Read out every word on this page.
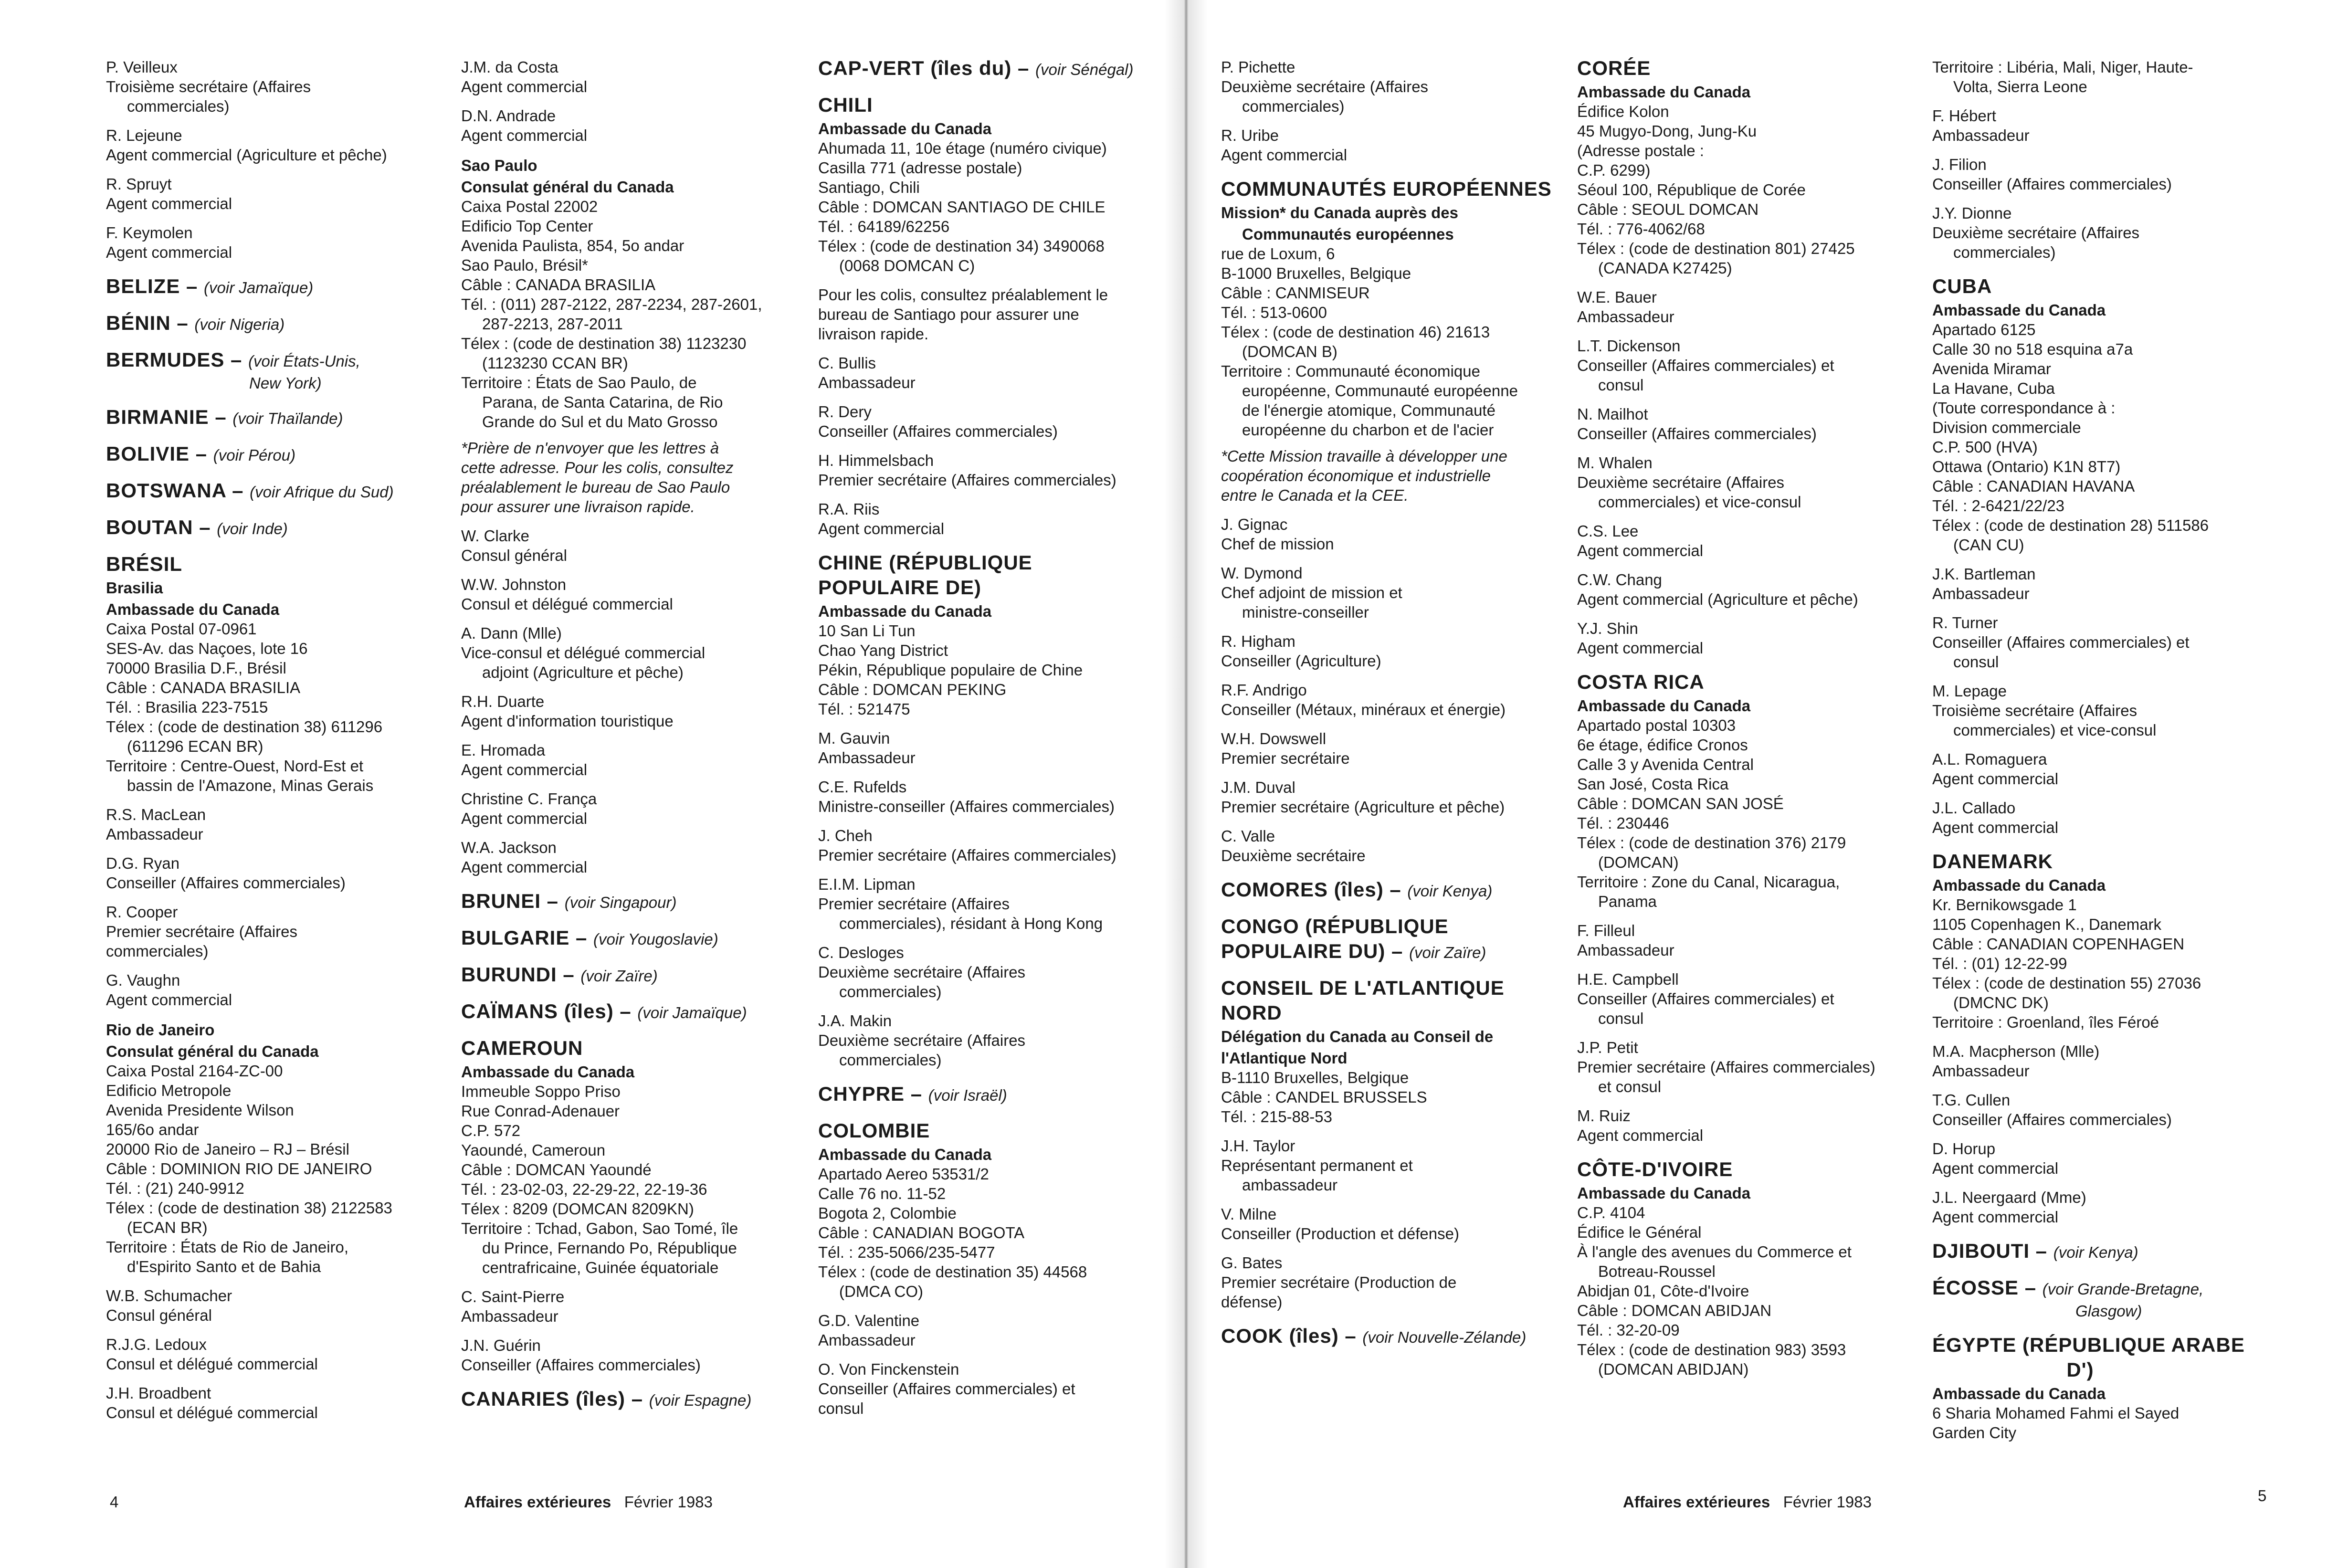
P. Veilleux
Troisième secrétaire (Affaires
commerciales)
R. Lejeune
Agent commercial (Agriculture et pêche)
R. Spruyt
Agent commercial
F. Keymolen
Agent commercial
BELIZE – (voir Jamaïque)
BÉNIN – (voir Nigeria)
BERMUDES – (voir États-Unis,
New York)
BIRMANIE – (voir Thaïlande)
BOLIVIE – (voir Pérou)
BOTSWANA – (voir Afrique du Sud)
BOUTAN – (voir Inde)
BRÉSIL
Brasilia
Ambassade du Canada
Caixa Postal 07-0961
SES-Av. das Naçoes, lote 16
70000 Brasilia D.F., Brésil
Câble : CANADA BRASILIA
Tél. : Brasilia 223-7515
Télex : (code de destination 38) 611296
(611296 ECAN BR)
Territoire : Centre-Ouest, Nord-Est et
bassin de l'Amazone, Minas Gerais
R.S. MacLean
Ambassadeur
D.G. Ryan
Conseiller (Affaires commerciales)
R. Cooper
Premier secrétaire (Affaires commerciales)
G. Vaughn
Agent commercial
Rio de Janeiro
Consulat général du Canada
Caixa Postal 2164-ZC-00
Edificio Metropole
Avenida Presidente Wilson
165/6o andar
20000 Rio de Janeiro – RJ – Brésil
Câble : DOMINION RIO DE JANEIRO
Tél. : (21) 240-9912
Télex : (code de destination 38) 2122583
(ECAN BR)
Territoire : États de Rio de Janeiro,
d'Espirito Santo et de Bahia
W.B. Schumacher
Consul général
R.J.G. Ledoux
Consul et délégué commercial
J.H. Broadbent
Consul et délégué commercial
J.M. da Costa
Agent commercial
D.N. Andrade
Agent commercial
Sao Paulo
Consulat général du Canada
Caixa Postal 22002
Edificio Top Center
Avenida Paulista, 854, 5o andar
Sao Paulo, Brésil*
Câble : CANADA BRASILIA
Tél. : (011) 287-2122, 287-2234, 287-2601,
287-2213, 287-2011
Télex : (code de destination 38) 1123230
(1123230 CCAN BR)
Territoire : États de Sao Paulo, de
Parana, de Santa Catarina, de Rio
Grande do Sul et du Mato Grosso
*Prière de n'envoyer que les lettres à
cette adresse. Pour les colis, consultez
préalablement le bureau de Sao Paulo
pour assurer une livraison rapide.
W. Clarke
Consul général
W.W. Johnston
Consul et délégué commercial
A. Dann (Mlle)
Vice-consul et délégué commercial
adjoint (Agriculture et pêche)
R.H. Duarte
Agent d'information touristique
E. Hromada
Agent commercial
Christine C. França
Agent commercial
W.A. Jackson
Agent commercial
BRUNEI – (voir Singapour)
BULGARIE – (voir Yougoslavie)
BURUNDI – (voir Zaïre)
CAÏMANS (îles) – (voir Jamaïque)
CAMEROUN
Ambassade du Canada
Immeuble Soppo Priso
Rue Conrad-Adenauer
C.P. 572
Yaoundé, Cameroun
Câble : DOMCAN Yaoundé
Tél. : 23-02-03, 22-29-22, 22-19-36
Télex : 8209 (DOMCAN 8209KN)
Territoire : Tchad, Gabon, Sao Tomé, île
du Prince, Fernando Po, République
centrafricaine, Guinée équatoriale
C. Saint-Pierre
Ambassadeur
J.N. Guérin
Conseiller (Affaires commerciales)
CANARIES (îles) – (voir Espagne)
CAP-VERT (îles du) – (voir Sénégal)
CHILI
Ambassade du Canada
Ahumada 11, 10e étage (numéro civique)
Casilla 771 (adresse postale)
Santiago, Chili
Câble : DOMCAN SANTIAGO DE CHILE
Tél. : 64189/62256
Télex : (code de destination 34) 3490068
(0068 DOMCAN C)
Pour les colis, consultez préalablement le
bureau de Santiago pour assurer une
livraison rapide.
C. Bullis
Ambassadeur
R. Dery
Conseiller (Affaires commerciales)
H. Himmelsbach
Premier secrétaire (Affaires commerciales)
R.A. Riis
Agent commercial
CHINE (RÉPUBLIQUE
POPULAIRE DE)
Ambassade du Canada
10 San Li Tun
Chao Yang District
Pékin, République populaire de Chine
Câble : DOMCAN PEKING
Tél. : 521475
M. Gauvin
Ambassadeur
C.E. Rufelds
Ministre-conseiller (Affaires commerciales)
J. Cheh
Premier secrétaire (Affaires commerciales)
E.I.M. Lipman
Premier secrétaire (Affaires
commerciales), résidant à Hong Kong
C. Desloges
Deuxième secrétaire (Affaires
commerciales)
J.A. Makin
Deuxième secrétaire (Affaires
commerciales)
CHYPRE – (voir Israël)
COLOMBIE
Ambassade du Canada
Apartado Aereo 53531/2
Calle 76 no. 11-52
Bogota 2, Colombie
Câble : CANADIAN BOGOTA
Tél. : 235-5066/235-5477
Télex : (code de destination 35) 44568
(DMCA CO)
G.D. Valentine
Ambassadeur
O. Von Finckenstein
Conseiller (Affaires commerciales) et
consul
4	Affaires extérieures Février 1983
P. Pichette
Deuxième secrétaire (Affaires
commerciales)
R. Uribe
Agent commercial
COMMUNAUTÉS EUROPÉENNES
Mission* du Canada auprès des
Communautés européennes
rue de Loxum, 6
B-1000 Bruxelles, Belgique
Câble : CANMISEUR
Tél. : 513-0600
Télex : (code de destination 46) 21613
(DOMCAN B)
Territoire : Communauté économique
européenne, Communauté européenne
de l'énergie atomique, Communauté
européenne du charbon et de l'acier
*Cette Mission travaille à développer une
coopération économique et industrielle
entre le Canada et la CEE.
J. Gignac
Chef de mission
W. Dymond
Chef adjoint de mission et
ministre-conseiller
R. Higham
Conseiller (Agriculture)
R.F. Andrigo
Conseiller (Métaux, minéraux et énergie)
W.H. Dowswell
Premier secrétaire
J.M. Duval
Premier secrétaire (Agriculture et pêche)
C. Valle
Deuxième secrétaire
COMORES (îles) – (voir Kenya)
CONGO (RÉPUBLIQUE
POPULAIRE DU) – (voir Zaïre)
CONSEIL DE L'ATLANTIQUE
NORD
Délégation du Canada au Conseil de
l'Atlantique Nord
B-1110 Bruxelles, Belgique
Câble : CANDEL BRUSSELS
Tél. : 215-88-53
J.H. Taylor
Représentant permanent et
ambassadeur
V. Milne
Conseiller (Production et défense)
G. Bates
Premier secrétaire (Production de
défense)
COOK (îles) – (voir Nouvelle-Zélande)
CORÉE
Ambassade du Canada
Édifice Kolon
45 Mugyo-Dong, Jung-Ku
(Adresse postale :
C.P. 6299)
Séoul 100, République de Corée
Câble : SEOUL DOMCAN
Tél. : 776-4062/68
Télex : (code de destination 801) 27425
(CANADA K27425)
W.E. Bauer
Ambassadeur
L.T. Dickenson
Conseiller (Affaires commerciales) et
consul
N. Mailhot
Conseiller (Affaires commerciales)
M. Whalen
Deuxième secrétaire (Affaires
commerciales) et vice-consul
C.S. Lee
Agent commercial
C.W. Chang
Agent commercial (Agriculture et pêche)
Y.J. Shin
Agent commercial
COSTA RICA
Ambassade du Canada
Apartado postal 10303
6e étage, édifice Cronos
Calle 3 y Avenida Central
San José, Costa Rica
Câble : DOMCAN SAN JOSÉ
Tél. : 230446
Télex : (code de destination 376) 2179
(DOMCAN)
Territoire : Zone du Canal, Nicaragua,
Panama
F. Filleul
Ambassadeur
H.E. Campbell
Conseiller (Affaires commerciales) et
consul
J.P. Petit
Premier secrétaire (Affaires commerciales)
et consul
M. Ruiz
Agent commercial
CÔTE-D'IVOIRE
Ambassade du Canada
C.P. 4104
Édifice le Général
À l'angle des avenues du Commerce et
Botreau-Roussel
Abidjan 01, Côte-d'Ivoire
Câble : DOMCAN ABIDJAN
Tél. : 32-20-09
Télex : (code de destination 983) 3593
(DOMCAN ABIDJAN)
Territoire : Libéria, Mali, Niger, Haute-
Volta, Sierra Leone
F. Hébert
Ambassadeur
J. Filion
Conseiller (Affaires commerciales)
J.Y. Dionne
Deuxième secrétaire (Affaires
commerciales)
CUBA
Ambassade du Canada
Apartado 6125
Calle 30 no 518 esquina a7a
Avenida Miramar
La Havane, Cuba
(Toute correspondance à :
Division commerciale
C.P. 500 (HVA)
Ottawa (Ontario) K1N 8T7)
Câble : CANADIAN HAVANA
Tél. : 2-6421/22/23
Télex : (code de destination 28) 511586
(CAN CU)
J.K. Bartleman
Ambassadeur
R. Turner
Conseiller (Affaires commerciales) et
consul
M. Lepage
Troisième secrétaire (Affaires
commerciales) et vice-consul
A.L. Romaguera
Agent commercial
J.L. Callado
Agent commercial
DANEMARK
Ambassade du Canada
Kr. Bernikowsgade 1
1105 Copenhagen K., Danemark
Câble : CANADIAN COPENHAGEN
Tél. : (01) 12-22-99
Télex : (code de destination 55) 27036
(DMCNC DK)
Territoire : Groenland, îles Féroé
M.A. Macpherson (Mlle)
Ambassadeur
T.G. Cullen
Conseiller (Affaires commerciales)
D. Horup
Agent commercial
J.L. Neergaard (Mme)
Agent commercial
DJIBOUTI – (voir Kenya)
ÉCOSSE – (voir Grande-Bretagne,
Glasgow)
ÉGYPTE (RÉPUBLIQUE ARABE
D')
Ambassade du Canada
6 Sharia Mohamed Fahmi el Sayed
Garden City
Affaires extérieures Février 1983	5
